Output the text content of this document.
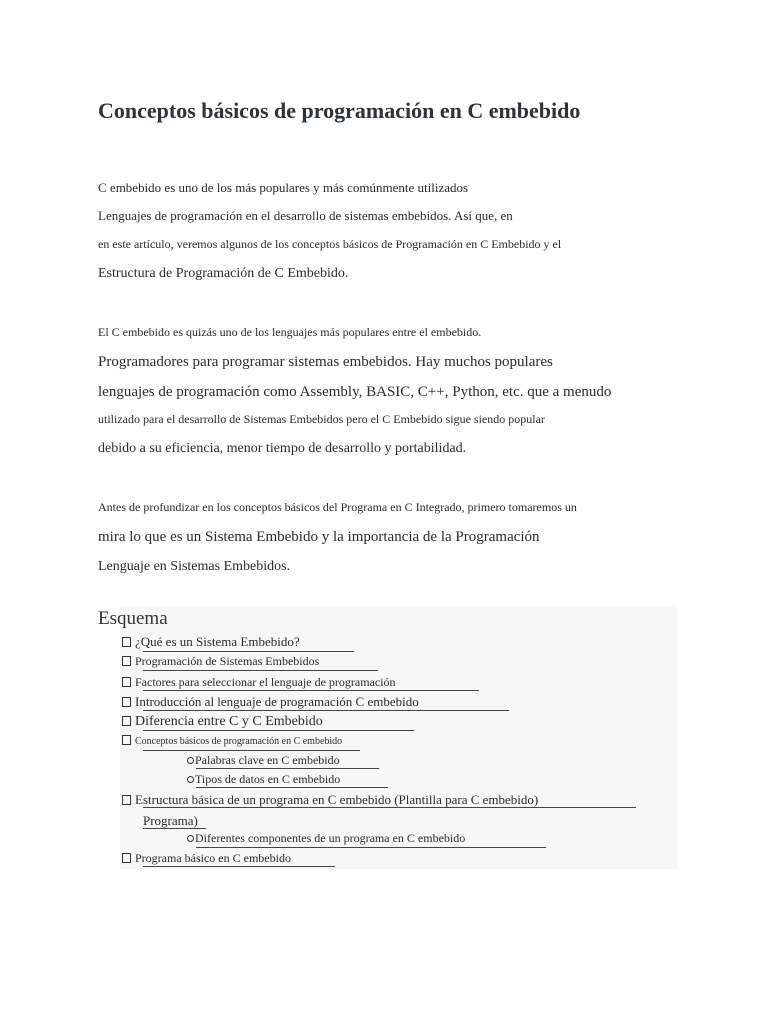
Conceptos básicos de programación en C embebido
C embebido es uno de los más populares y más comúnmente utilizados
Lenguajes de programación en el desarrollo de sistemas embebidos. Así que, en
en este artículo, veremos algunos de los conceptos básicos de Programación en C Embebido y el
Estructura de Programación de C Embebido.
El C embebido es quizás uno de los lenguajes más populares entre el embebido.
Programadores para programar sistemas embebidos. Hay muchos populares
lenguajes de programación como Assembly, BASIC, C++, Python, etc. que a menudo
utilizado para el desarrollo de Sistemas Embebidos pero el C Embebido sigue siendo popular
debido a su eficiencia, menor tiempo de desarrollo y portabilidad.
Antes de profundizar en los conceptos básicos del Programa en C Integrado, primero tomaremos un
mira lo que es un Sistema Embebido y la importancia de la Programación
Lenguaje en Sistemas Embebidos.
Esquema
¿Qué es un Sistema Embebido?
Programación de Sistemas Embebidos
Factores para seleccionar el lenguaje de programación
Introducción al lenguaje de programación C embebido
Diferencia entre C y C Embebido
Conceptos básicos de programación en C embebido
Palabras clave en C embebido
Tipos de datos en C embebido
Estructura básica de un programa en C embebido (Plantilla para C embebido)
Programa)
Diferentes componentes de un programa en C embebido
Programa básico en C embebido
